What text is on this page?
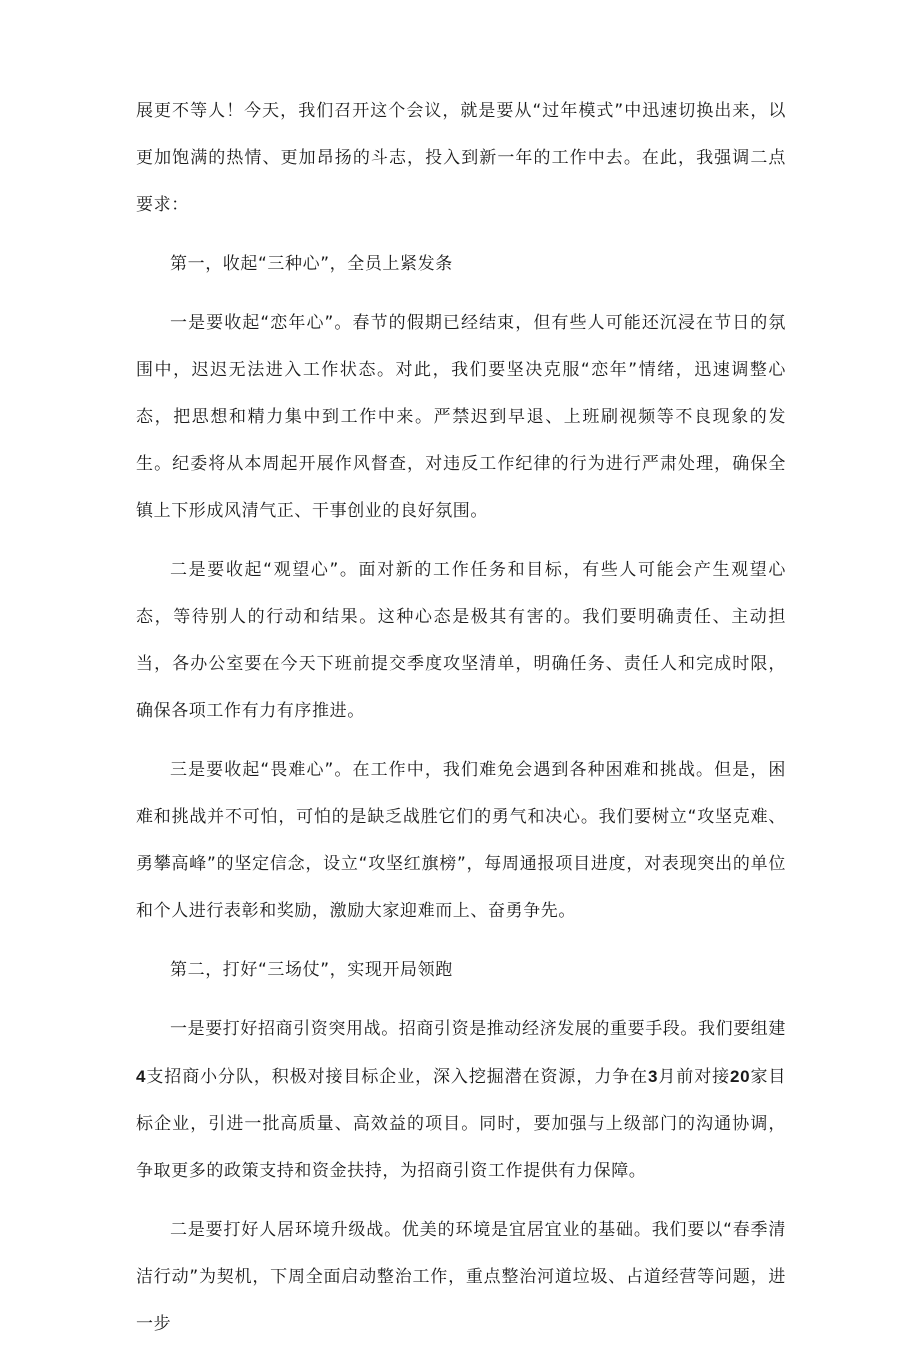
展更不等人！今天，我们召开这个会议，就是要从“过年模式”中迅速切换出来，以更加饱满的热情、更加昂扬的斗志，投入到新一年的工作中去。在此，我强调二点要求：

第一，收起“三种心”，全员上紧发条

一是要收起“恋年心”。春节的假期已经结束，但有些人可能还沉浸在节日的氛围中，迟迟无法进入工作状态。对此，我们要坚决克服“恋年”情绪，迅速调整心态，把思想和精力集中到工作中来。严禁迟到早退、上班刷视频等不良现象的发生。纪委将从本周起开展作风督查，对违反工作纪律的行为进行严肃处理，确保全镇上下形成风清气正、干事创业的良好氛围。

二是要收起“观望心”。面对新的工作任务和目标，有些人可能会产生观望心态，等待别人的行动和结果。这种心态是极其有害的。我们要明确责任、主动担当，各办公室要在今天下班前提交季度攻坚清单，明确任务、责任人和完成时限，确保各项工作有力有序推进。

三是要收起“畏难心”。在工作中，我们难免会遇到各种困难和挑战。但是，困难和挑战并不可怕，可怕的是缺乏战胜它们的勇气和决心。我们要树立“攻坚克难、勇攀高峰”的坚定信念，设立“攻坚红旗榜”，每周通报项目进度，对表现突出的单位和个人进行表彰和奖励，激励大家迎难而上、奋勇争先。

第二，打好“三场仗”，实现开局领跑

一是要打好招商引资突用战。招商引资是推动经济发展的重要手段。我们要组建4支招商小分队，积极对接目标企业，深入挖掘潜在资源，力争在3月前对接20家目标企业，引进一批高质量、高效益的项目。同时，要加强与上级部门的沟通协调，争取更多的政策支持和资金扶持，为招商引资工作提供有力保障。

二是要打好人居环境升级战。优美的环境是宜居宜业的基础。我们要以“春季清洁行动”为契机，下周全面启动整治工作，重点整治河道垃圾、占道经营等问题，进一步
